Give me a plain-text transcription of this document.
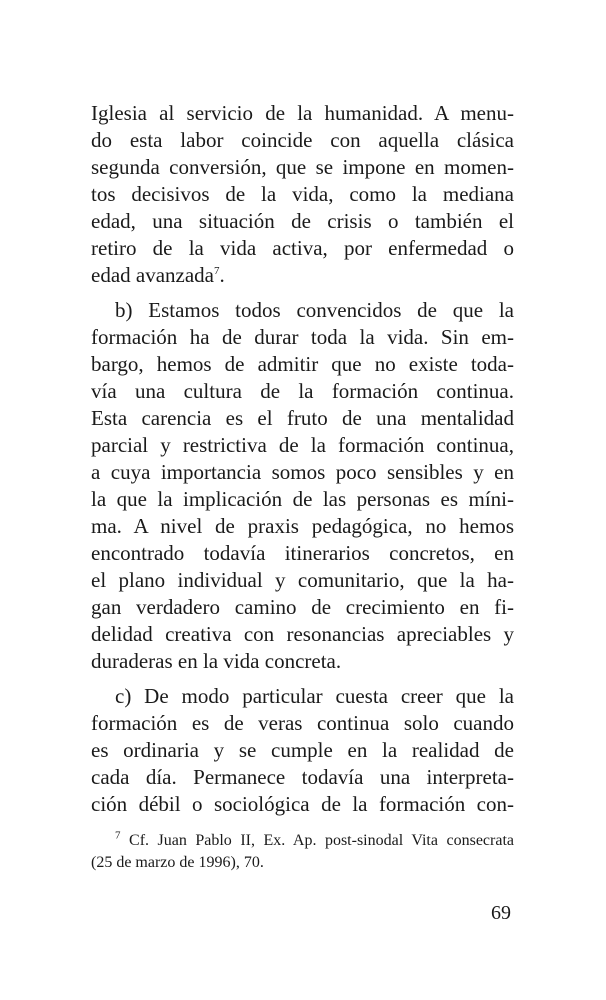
Iglesia al servicio de la humanidad. A menu-
do esta labor coincide con aquella clásica
segunda conversión, que se impone en momen-
tos decisivos de la vida, como la mediana
edad, una situación de crisis o también el
retiro de la vida activa, por enfermedad o
edad avanzada$^7$.

b) Estamos todos convencidos de que la
formación ha de durar toda la vida. Sin em-
bargo, hemos de admitir que no existe toda-
vía una cultura de la formación continua.
Esta carencia es el fruto de una mentalidad
parcial y restrictiva de la formación continua,
a cuya importancia somos poco sensibles y en
la que la implicación de las personas es míni-
ma. A nivel de praxis pedagógica, no hemos
encontrado todavía itinerarios concretos, en
el plano individual y comunitario, que la ha-
gan verdadero camino de crecimiento en fi-
delidad creativa con resonancias apreciables y
duraderas en la vida concreta.

c) De modo particular cuesta creer que la
formación es de veras continua solo cuando
es ordinaria y se cumple en la realidad de
cada día. Permanece todavía una interpreta-
ción débil o sociológica de la formación con-

$^7$ Cf. Juan Pablo II, Ex. Ap. post-sinodal Vita consecrata
(25 de marzo de 1996), 70.
69
